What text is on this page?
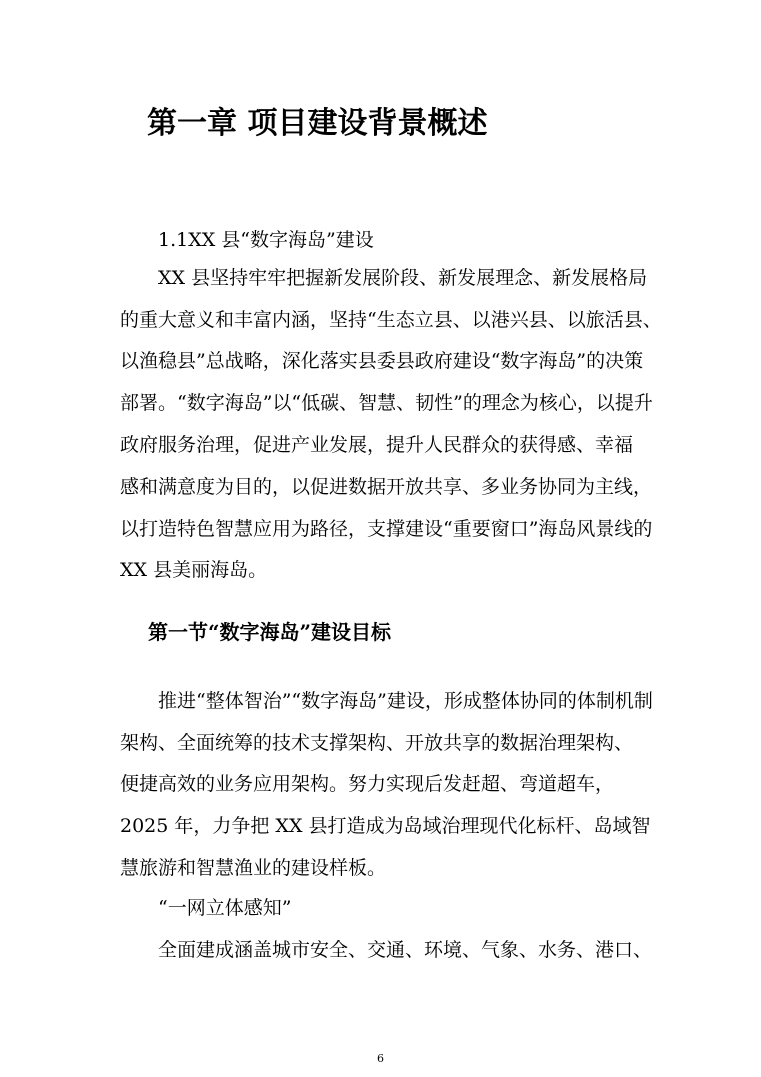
第一章 项目建设背景概述
1.1XX 县“数字海岛”建设
XX 县坚持牢牢把握新发展阶段、新发展理念、新发展格局
的重大意义和丰富内涵，坚持“生态立县、以港兴县、以旅活县、
以渔稳县”总战略，深化落实县委县政府建设“数字海岛”的决策
部署。“数字海岛”以“低碳、智慧、韧性”的理念为核心，以提升
政府服务治理，促进产业发展，提升人民群众的获得感、幸福
感和满意度为目的，以促进数据开放共享、多业务协同为主线，
以打造特色智慧应用为路径，支撑建设“重要窗口”海岛风景线的
XX 县美丽海岛。
第一节“数字海岛”建设目标
推进“整体智治”“数字海岛”建设，形成整体协同的体制机制
架构、全面统筹的技术支撑架构、开放共享的数据治理架构、
便捷高效的业务应用架构。努力实现后发赶超、弯道超车，
2025 年，力争把 XX 县打造成为岛域治理现代化标杆、岛域智
慧旅游和智慧渔业的建设样板。
“一网立体感知”
全面建成涵盖城市安全、交通、环境、气象、水务、港口、
6
